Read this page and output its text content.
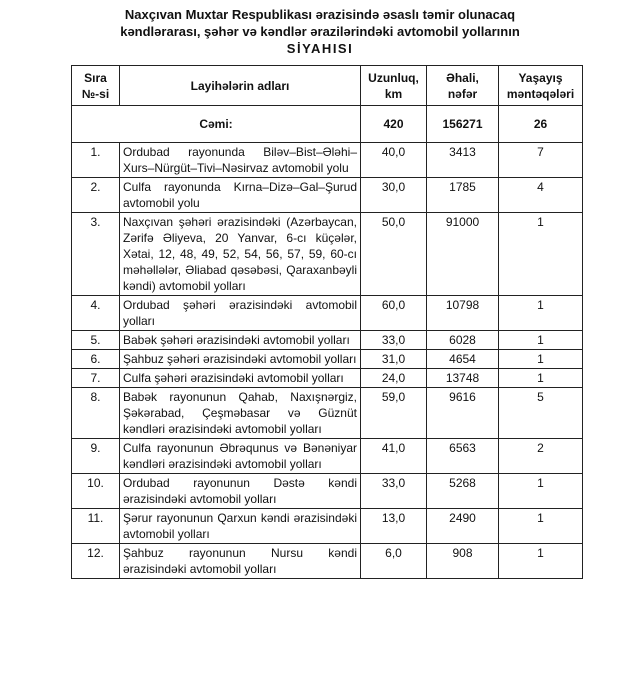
Naxçıvan Muxtar Respublikası ərazisində əsaslı təmir olunacaq
kəndlərarası, şəhər və kəndlər ərazilərindəki avtomobil yollarının
SİYAHISI
Sıra №-si	Layihələrin adları	Uzunluq, km	Əhali, nəfər	Yaşayış məntəqələri
Cəmi:		420	156271	26
1.	Ordubad rayonunda Biləv–Bist–Ələhi–Xurs–Nürgüt–Tivi–Nəsirvaz avtomobil yolu	40,0	3413	7
2.	Culfa rayonunda Kırna–Dizə–Gal–Şurud avtomobil yolu	30,0	1785	4
3.	Naxçıvan şəhəri ərazisindəki (Azərbaycan, Zərifə Əliyeva, 20 Yanvar, 6-cı küçələr, Xətai, 12, 48, 49, 52, 54, 56, 57, 59, 60-cı məhəllələr, Əliabad qəsəbəsi, Qaraxanbəyli kəndi) avtomobil yolları	50,0	91000	1
4.	Ordubad şəhəri ərazisindəki avtomobil yolları	60,0	10798	1
5.	Babək şəhəri ərazisindəki avtomobil yolları	33,0	6028	1
6.	Şahbuz şəhəri ərazisindəki avtomobil yolları	31,0	4654	1
7.	Culfa şəhəri ərazisindəki avtomobil yolları	24,0	13748	1
8.	Babək rayonunun Qahab, Naxışnərgiz, Şəkərabad, Çeşməbasar və Güznüt kəndləri ərazisindəki avtomobil yolları	59,0	9616	5
9.	Culfa rayonunun Əbrəqunus və Bənəniyar kəndləri ərazisindəki avtomobil yolları	41,0	6563	2
10.	Ordubad rayonunun Dəstə kəndi ərazisindəki avtomobil yolları	33,0	5268	1
11.	Şərur rayonunun Qarxun kəndi ərazisindəki avtomobil yolları	13,0	2490	1
12.	Şahbuz rayonunun Nursu kəndi ərazisindəki avtomobil yolları	6,0	908	1
